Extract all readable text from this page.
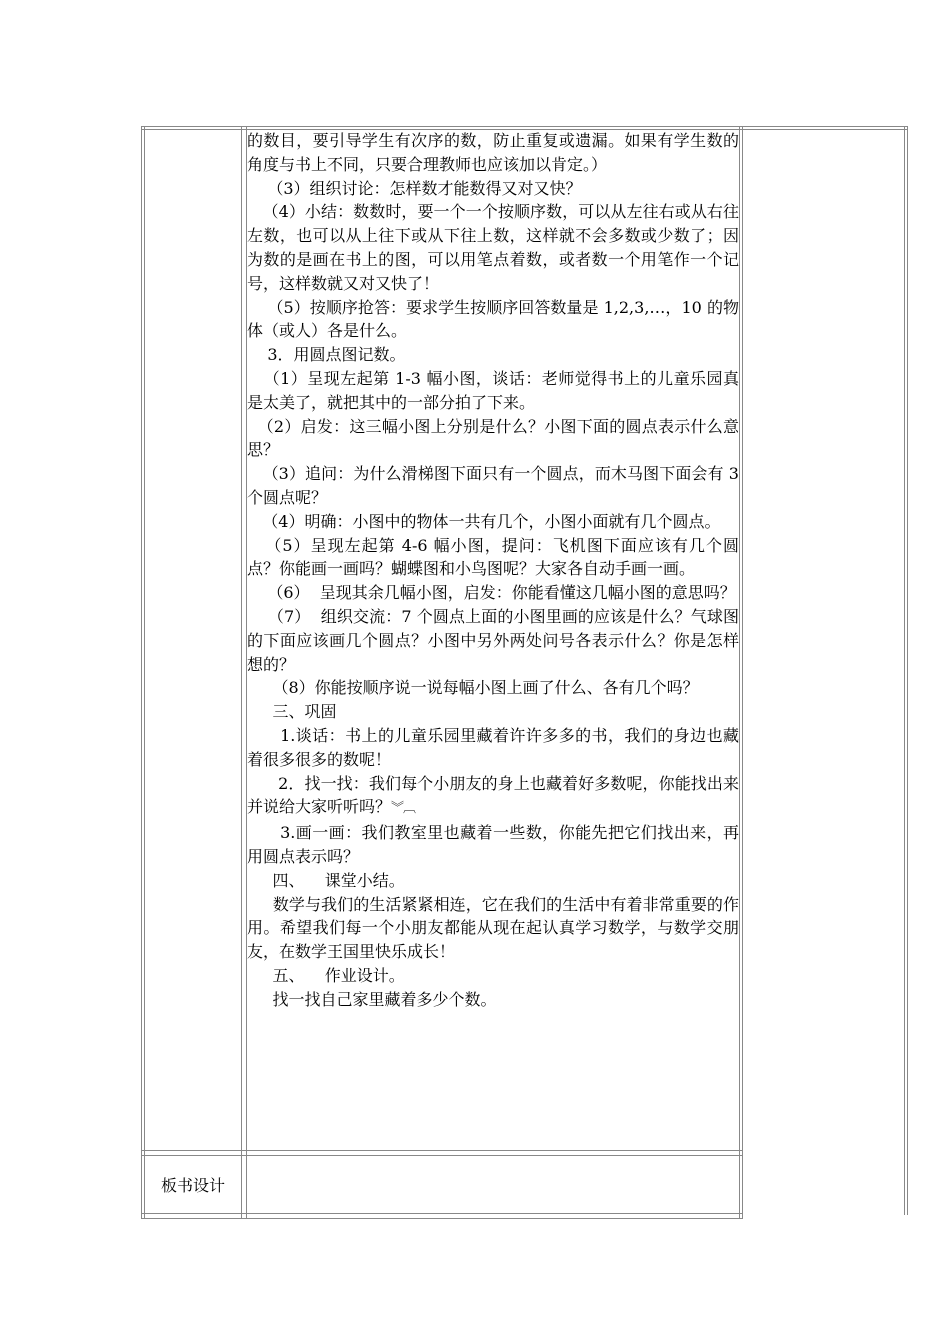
的数目，要引导学生有次序的数，防止重复或遗漏。如果有学生数的角度与书上不同，只要合理教师也应该加以肯定。）

（3）组织讨论：怎样数才能数得又对又快？

（4）小结：数数时，要一个一个按顺序数，可以从左往右或从右往左数，也可以从上往下或从下往上数，这样就不会多数或少数了；因为数的是画在书上的图，可以用笔点着数，或者数一个用笔作一个记号，这样数就又对又快了！

（5）按顺序抢答：要求学生按顺序回答数量是 1,2,3,…，10 的物体（或人）各是什么。

3．用圆点图记数。

（1）呈现左起第 1-3 幅小图，谈话：老师觉得书上的儿童乐园真是太美了，就把其中的一部分拍了下来。

（2）启发：这三幅小图上分别是什么？小图下面的圆点表示什么意思？

（3）追问：为什么滑梯图下面只有一个圆点，而木马图下面会有 3 个圆点呢？

（4）明确：小图中的物体一共有几个，小图小面就有几个圆点。

（5）呈现左起第 4-6 幅小图，提问：飞机图下面应该有几个圆点？你能画一画吗？蝴蝶图和小鸟图呢？大家各自动手画一画。

（6）  呈现其余几幅小图，启发：你能看懂这几幅小图的意思吗？

（7）  组织交流：7 个圆点上面的小图里画的应该是什么？气球图的下面应该画几个圆点？小图中另外两处问号各表示什么？你是怎样想的？

（8）你能按顺序说一说每幅小图上画了什么、各有几个吗？

三、巩固

1.谈话：书上的儿童乐园里藏着许许多多的书，我们的身边也藏着很多很多的数呢！

2．找一找：我们每个小朋友的身上也藏着好多数呢，你能找出来并说给大家听听吗？︾︹

3.画一画：我们教室里也藏着一些数，你能先把它们找出来，再用圆点表示吗？

四、    课堂小结。

数学与我们的生活紧紧相连，它在我们的生活中有着非常重要的作用。希望我们每一个小朋友都能从现在起认真学习数学，与数学交朋友，在数学王国里快乐成长！

五、    作业设计。

找一找自己家里藏着多少个数。

板书设计
